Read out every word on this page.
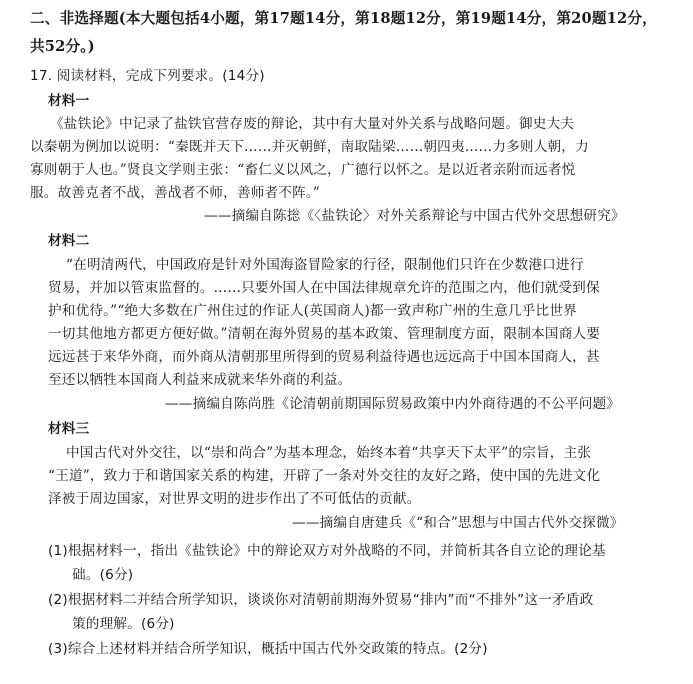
二、非选择题(本大题包括4小题，第17题14分，第18题12分，第19题14分，第20题12分，
共52分。)
17. 阅读材料，完成下列要求。(14分)
材料一
《盐铁论》中记录了盐铁官营存废的辩论，其中有大量对外关系与战略问题。御史大夫
以秦朝为例加以说明：“秦既并天下……并灭朝鲜，南取陆梁……朝四夷……力多则人朝，力
寡则朝于人也。”贤良文学则主张：“畜仁义以风之，广德行以怀之。是以近者亲附而远者悦
服。故善克者不战，善战者不师，善师者不阵。”
——摘编自陈捴《〈盐铁论〉对外关系辩论与中国古代外交思想研究》
材料二
“在明清两代，中国政府是针对外国海盗冒险家的行径，限制他们只许在少数港口进行
贸易，并加以管束监督的。……只要外国人在中国法律规章允许的范围之内，他们就受到保
护和优待。”“绝大多数在广州住过的作证人(英国商人)都一致声称广州的生意几乎比世界
一切其他地方都更方便好做。”清朝在海外贸易的基本政策、管理制度方面，限制本国商人要
远远甚于来华外商，而外商从清朝那里所得到的贸易利益待遇也远远高于中国本国商人，甚
至还以牺牲本国商人利益来成就来华外商的利益。
——摘编自陈尚胜《论清朝前期国际贸易政策中内外商待遇的不公平问题》
材料三
中国古代对外交往，以“崇和尚合”为基本理念，始终本着“共享天下太平”的宗旨，主张
“王道”，致力于和谐国家关系的构建，开辟了一条对外交往的友好之路，使中国的先进文化
泽被于周边国家，对世界文明的进步作出了不可低估的贡献。
——摘编自唐建兵《“和合”思想与中国古代外交探微》
(1)根据材料一，指出《盐铁论》中的辩论双方对外战略的不同，并简析其各自立论的理论基
础。(6分)
(2)根据材料二并结合所学知识，谈谈你对清朝前期海外贸易“排内”而“不排外”这一矛盾政
策的理解。(6分)
(3)综合上述材料并结合所学知识，概括中国古代外交政策的特点。(2分)
